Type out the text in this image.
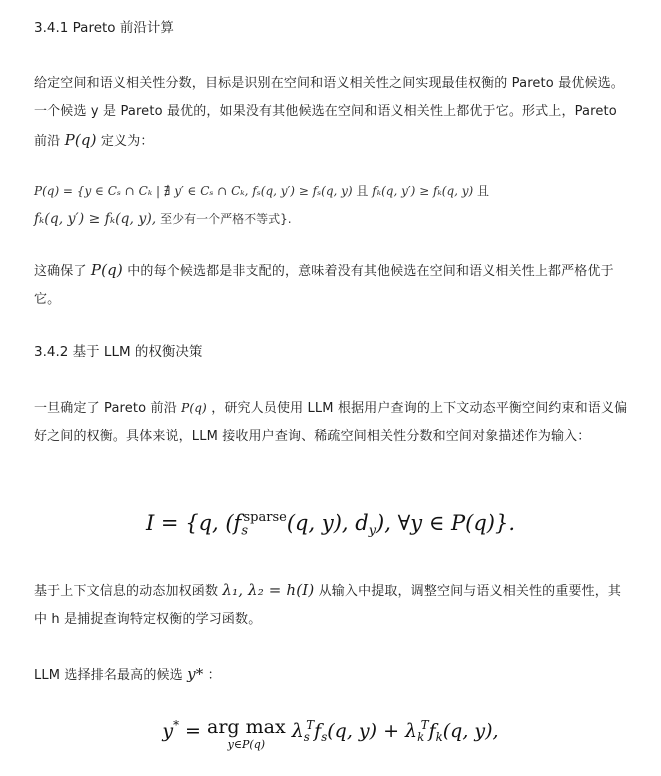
3.4.1 Pareto 前沿计算
给定空间和语义相关性分数，目标是识别在空间和语义相关性之间实现最佳权衡的 Pareto 最优候选。一个候选 y 是 Pareto 最优的，如果没有其他候选在空间和语义相关性上都优于它。形式上，Pareto 前沿 P(q) 定义为：
P(q) = {y ∈ Cₛ ∩ Cₖ | ∄ y′ ∈ Cₛ ∩ Cₖ, fₛ(q, y′) ≥ fₛ(q, y) 且 fₖ(q, y′) ≥ fₖ(q, y) 且
fₖ(q, y′) ≥ fₖ(q, y), 至少有一个严格不等式}.
这确保了 P(q) 中的每个候选都是非支配的，意味着没有其他候选在空间和语义相关性上都严格优于它。
3.4.2 基于 LLM 的权衡决策
一旦确定了 Pareto 前沿 P(q) ，研究人员使用 LLM 根据用户查询的上下文动态平衡空间约束和语义偏好之间的权衡。具体来说，LLM 接收用户查询、稀疏空间相关性分数和空间对象描述作为输入：
I = {q, ($f_s^{sparse}(q$, y), $d_y$), ∀y ∈ P(q)}.
基于上下文信息的动态加权函数 λ₁, λ₂ = h(I) 从输入中提取，调整空间与语义相关性的重要性，其中 h 是捕捉查询特定权衡的学习函数。
LLM 选择排名最高的候选 y* ：
y* = arg max
y∈P(q)
$\lambda_s^Tf_s(q$, $y) + \lambda_k^Tf_k(q$, y),
